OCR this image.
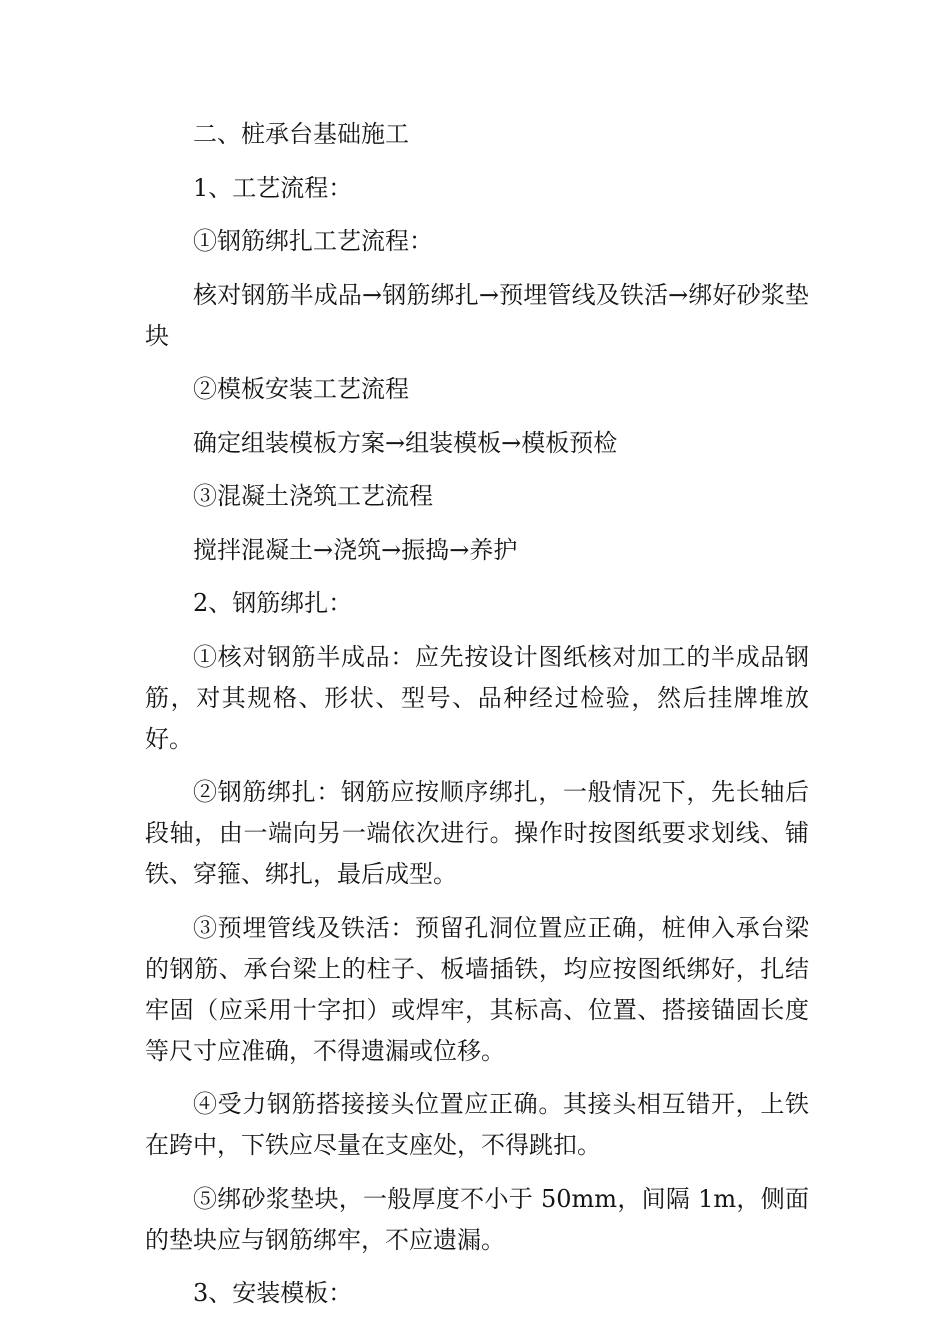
二、桩承台基础施工

1、工艺流程：

①钢筋绑扎工艺流程：

核对钢筋半成品→钢筋绑扎→预埋管线及铁活→绑好砂浆垫块

②模板安装工艺流程

确定组装模板方案→组装模板→模板预检

③混凝土浇筑工艺流程

搅拌混凝土→浇筑→振捣→养护

2、钢筋绑扎：

①核对钢筋半成品：应先按设计图纸核对加工的半成品钢筋，对其规格、形状、型号、品种经过检验，然后挂牌堆放好。

②钢筋绑扎：钢筋应按顺序绑扎，一般情况下，先长轴后段轴，由一端向另一端依次进行。操作时按图纸要求划线、铺铁、穿箍、绑扎，最后成型。

③预埋管线及铁活：预留孔洞位置应正确，桩伸入承台梁的钢筋、承台梁上的柱子、板墙插铁，均应按图纸绑好，扎结牢固（应采用十字扣）或焊牢，其标高、位置、搭接锚固长度等尺寸应准确，不得遗漏或位移。

④受力钢筋搭接接头位置应正确。其接头相互错开，上铁在跨中，下铁应尽量在支座处，不得跳扣。

⑤绑砂浆垫块，一般厚度不小于 50mm，间隔 1m，侧面的垫块应与钢筋绑牢，不应遗漏。

3、安装模板：
